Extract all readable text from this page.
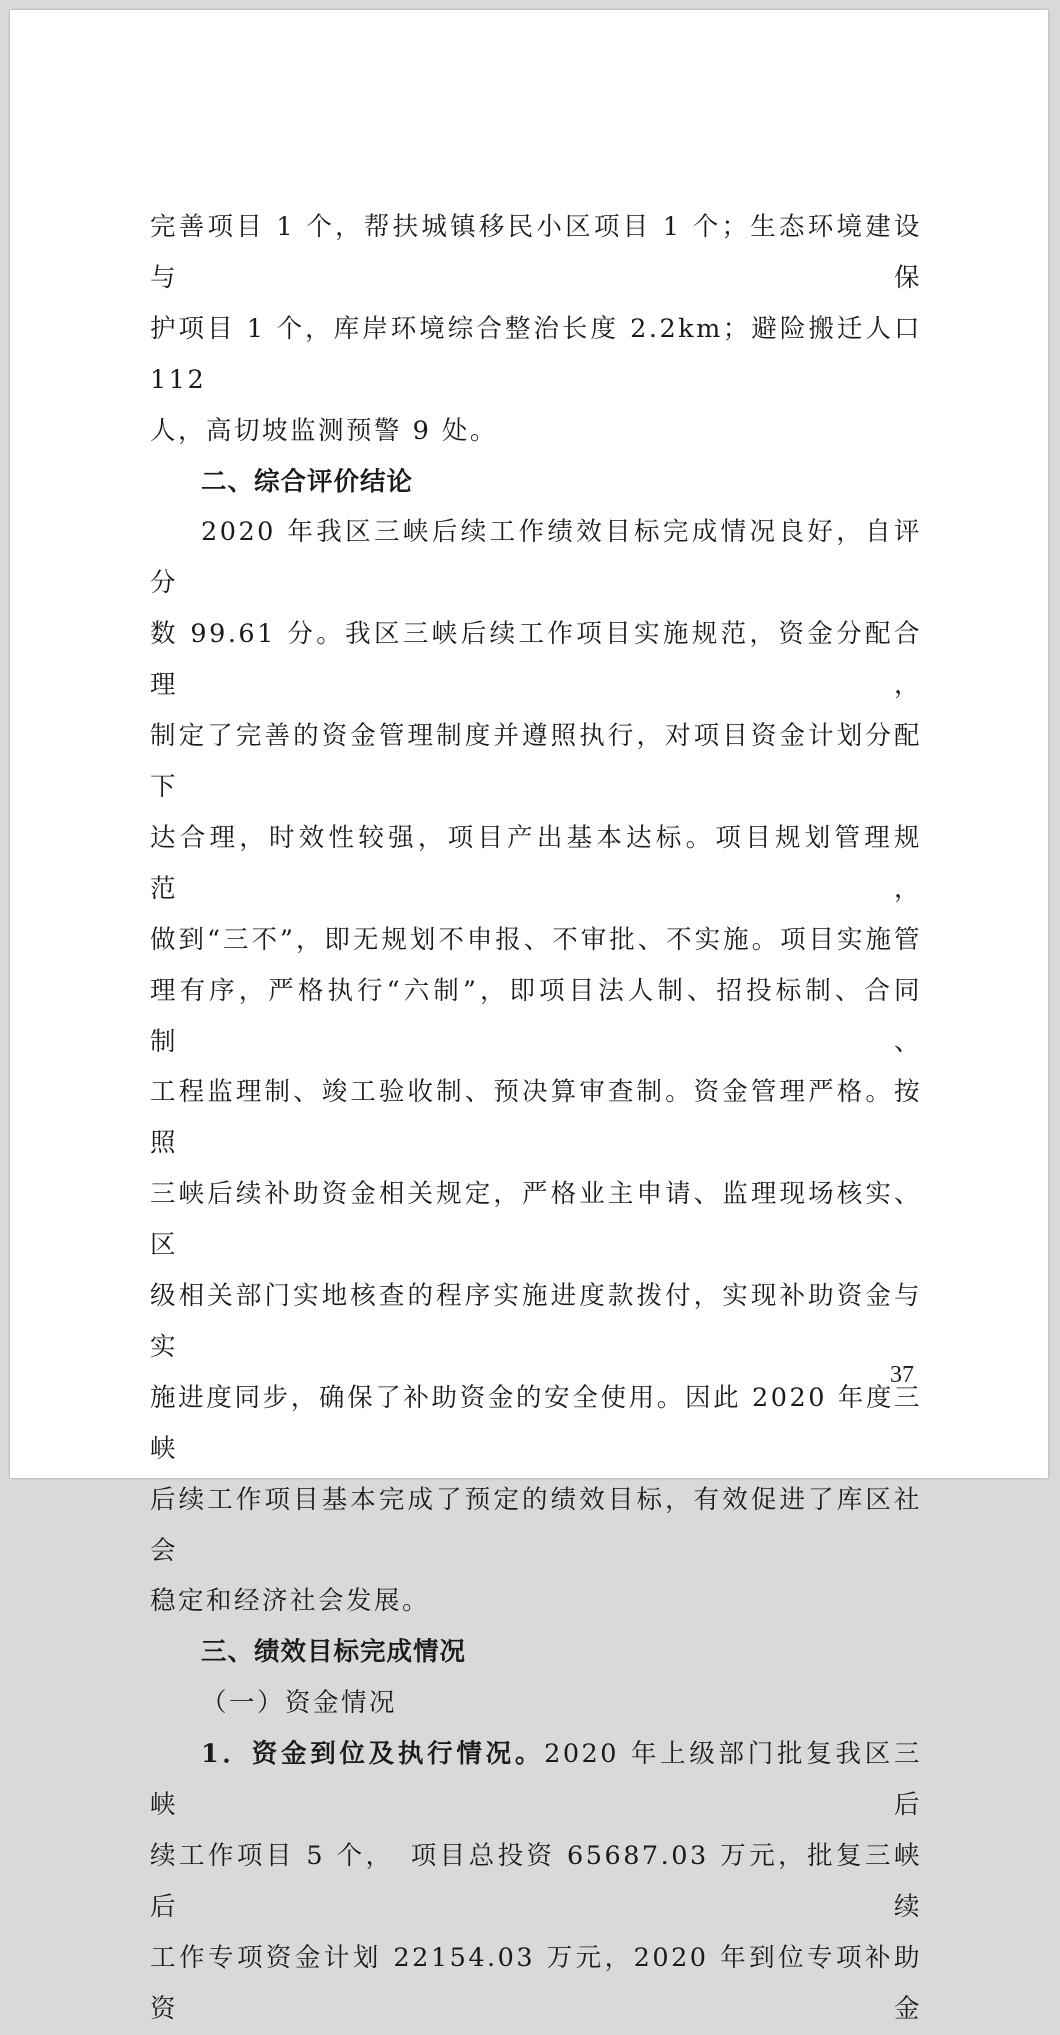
完善项目 1 个，帮扶城镇移民小区项目 1 个；生态环境建设与保

护项目 1 个，库岸环境综合整治长度 2.2km；避险搬迁人口 112

人，高切坡监测预警 9 处。

二、综合评价结论

2020 年我区三峡后续工作绩效目标完成情况良好，自评分

数 99.61 分。我区三峡后续工作项目实施规范，资金分配合理，

制定了完善的资金管理制度并遵照执行，对项目资金计划分配下

达合理，时效性较强，项目产出基本达标。项目规划管理规范，

做到“三不”，即无规划不申报、不审批、不实施。项目实施管

理有序，严格执行“六制”，即项目法人制、招投标制、合同制、

工程监理制、竣工验收制、预决算审查制。资金管理严格。按照

三峡后续补助资金相关规定，严格业主申请、监理现场核实、区

级相关部门实地核查的程序实施进度款拨付，实现补助资金与实

施进度同步，确保了补助资金的安全使用。因此 2020 年度三峡

后续工作项目基本完成了预定的绩效目标，有效促进了库区社会

稳定和经济社会发展。

三、绩效目标完成情况

（一）资金情况

1．资金到位及执行情况。2020 年上级部门批复我区三峡后

续工作项目 5 个，　项目总投资 65687.03 万元，批复三峡后续

工作专项资金计划 22154.03 万元，2020 年到位专项补助资金

37
